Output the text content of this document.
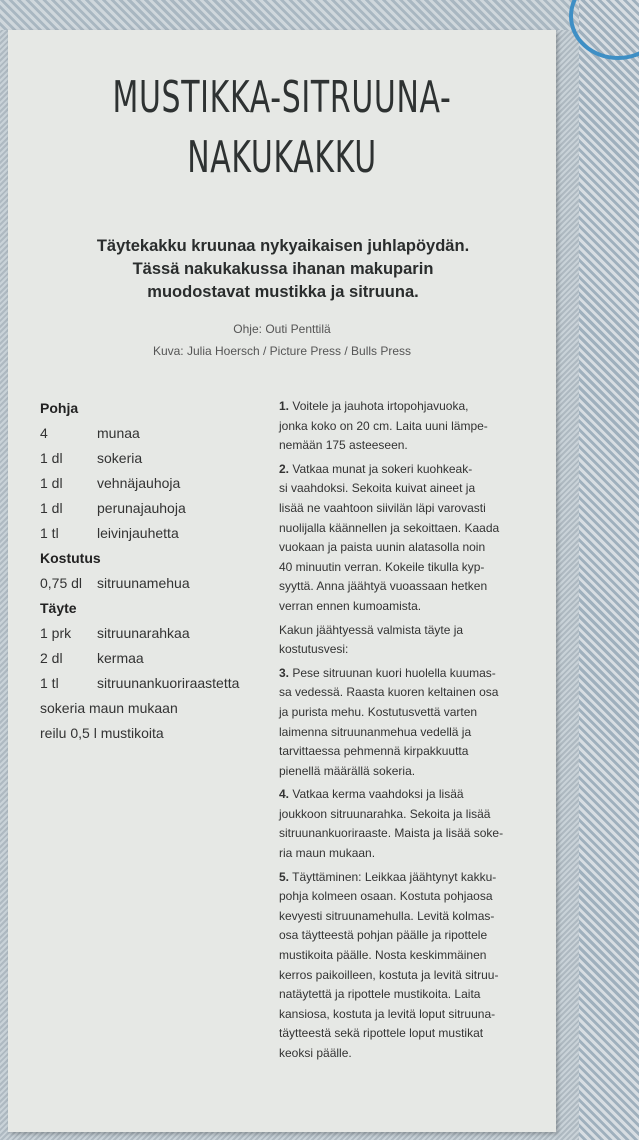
MUSTIKKA-SITRUUNA-
NAKUKAKKU
Täytekakku kruunaa nykyaikaisen juhlapöydän.
Tässä nakukakussa ihanan makuparin
muodostavat mustikka ja sitruuna.
Ohje: Outi Penttilä
Kuva: Julia Hoersch / Picture Press / Bulls Press
Pohja
4	munaa
1 dl sokeria
1 dl vehnäjauhoja
1 dl perunajauhoja
1 tl	leivinjauhetta
Kostutus
0,75 dl sitruunamehua
Täyte
1 prk sitruunarahkaa
2 dl kermaa
1 tl	sitruunankuoriraastetta
sokeria maun mukaan
reilu 0,5 l mustikoita

1. Voitele ja jauhota irtopohjavuoka,
jonka koko on 20 cm. Laita uuni lämpe-
nemään 175 asteeseen.

2. Vatkaa munat ja sokeri kuohkeak-
si vaahdoksi. Sekoita kuivat aineet ja
lisää ne vaahtoon siivilän läpi varovasti
nuolijalla käännellen ja sekoittaen. Kaada
vuokaan ja paista uunin alatasolla noin
40 minuutin verran. Kokeile tikulla kyp-
syyttä. Anna jäähtyä vuoassaan hetken
verran ennen kumoamista.

Kakun jäähtyessä valmista täyte ja
kostutusvesi:

3. Pese sitruunan kuori huolella kuumas-
sa vedessä. Raasta kuoren keltainen osa
ja purista mehu. Kostutusvettä varten
laimenna sitruunanmehua vedellä ja
tarvittaessa pehmennä kirpakkuutta
pienellä määrällä sokeria.

4. Vatkaa kerma vaahdoksi ja lisää
joukkoon sitruunarahka. Sekoita ja lisää
sitruunankuoriraaste. Maista ja lisää soke-
ria maun mukaan.

5. Täyttäminen: Leikkaa jäähtynyt kakku-
pohja kolmeen osaan. Kostuta pohjaosa
kevyesti sitruunamehulla. Levitä kolmas-
osa täytteestä pohjan päälle ja ripottele
mustikoita päälle. Nosta keskimmäinen
kerros paikoilleen, kostuta ja levitä sitruu-
natäytettä ja ripottele mustikoita. Laita
kansiosa, kostuta ja levitä loput sitruuna-
täytteestä sekä ripottele loput mustikat
keoksi päälle.
